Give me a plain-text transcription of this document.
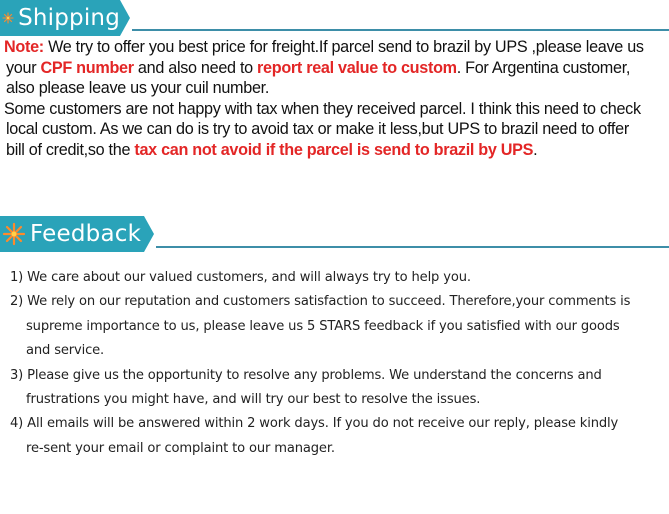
Shipping
Note: We try to offer you best price for freight.If parcel send to brazil by UPS ,please leave us
your CPF number and also need to report real value to custom. For Argentina customer,
also please leave us your cuil number.
Some customers are not happy with tax when they received parcel. I think this need to check
local custom. As we can do is try to avoid tax or make it less,but UPS to brazil need to offer
bill of credit,so the tax can not avoid if the parcel is send to brazil by UPS.
Feedback
1) We care about our valued customers, and will always try to help you.
2) We rely on our reputation and customers satisfaction to succeed. Therefore,your comments is
supreme importance to us, please leave us 5 STARS feedback if you satisfied with our goods
and service.
3) Please give us the opportunity to resolve any problems. We understand the concerns and
frustrations you might have, and will try our best to resolve the issues.
4) All emails will be answered within 2 work days. If you do not receive our reply, please kindly
re-sent your email or complaint to our manager.
